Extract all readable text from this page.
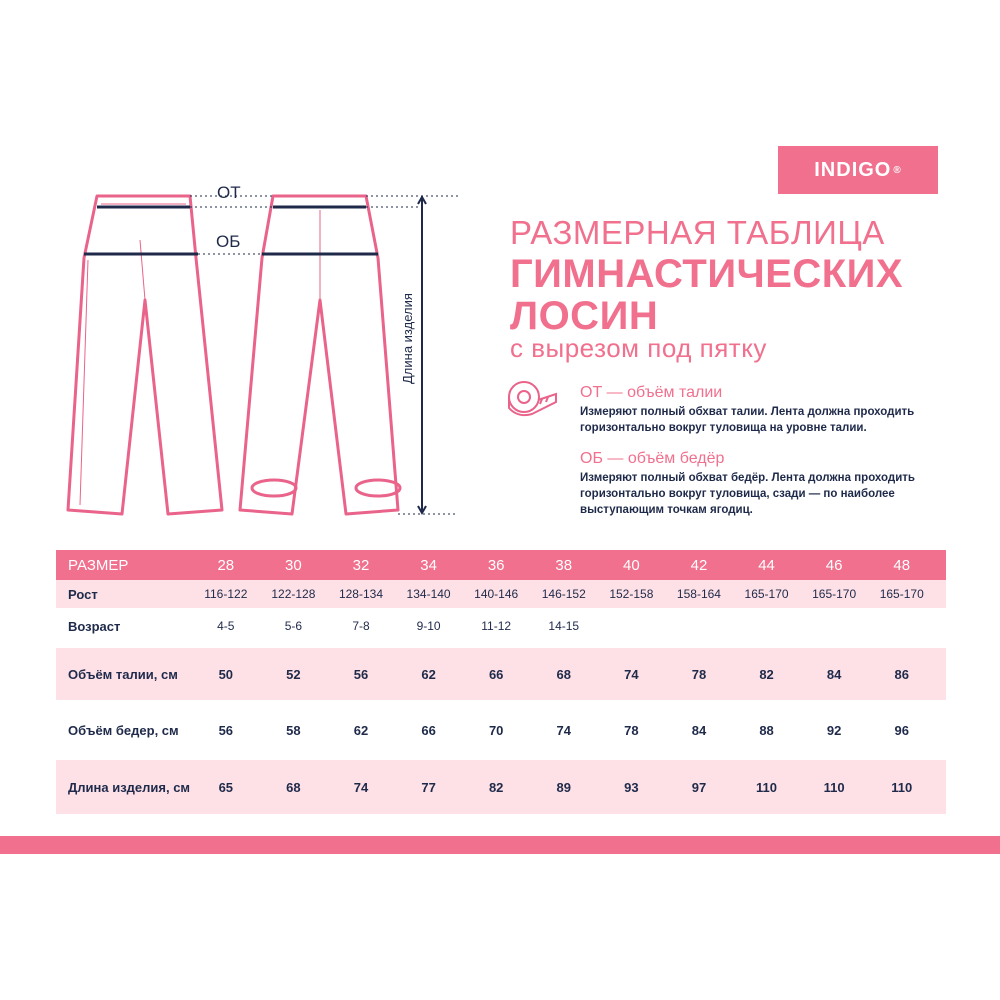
ОТ
ОБ
Длина изделия
INDIGO ®
РАЗМЕРНАЯ ТАБЛИЦА
ГИМНАСТИЧЕСКИХ
ЛОСИН
с вырезом под пятку
ОТ — объём талии
Измеряют полный обхват талии. Лента должна проходить горизонтально вокруг туловища на уровне талии.
ОБ — объём бедёр
Измеряют полный обхват бедёр. Лента должна проходить горизонтально вокруг туловища, сзади — по наиболее выступающим точкам ягодиц.
РАЗМЕР	28	30	32	34	36	38	40	42	44	46	48
Рост	116-122	122-128	128-134	134-140	140-146	146-152	152-158	158-164	165-170	165-170	165-170
Возраст	4-5	5-6	7-8	9-10	11-12	14-15
Объём талии, см	50	52	56	62	66	68	74	78	82	84	86
Объём бедер, см	56	58	62	66	70	74	78	84	88	92	96
Длина изделия, см	65	68	74	77	82	89	93	97	110	110	110
